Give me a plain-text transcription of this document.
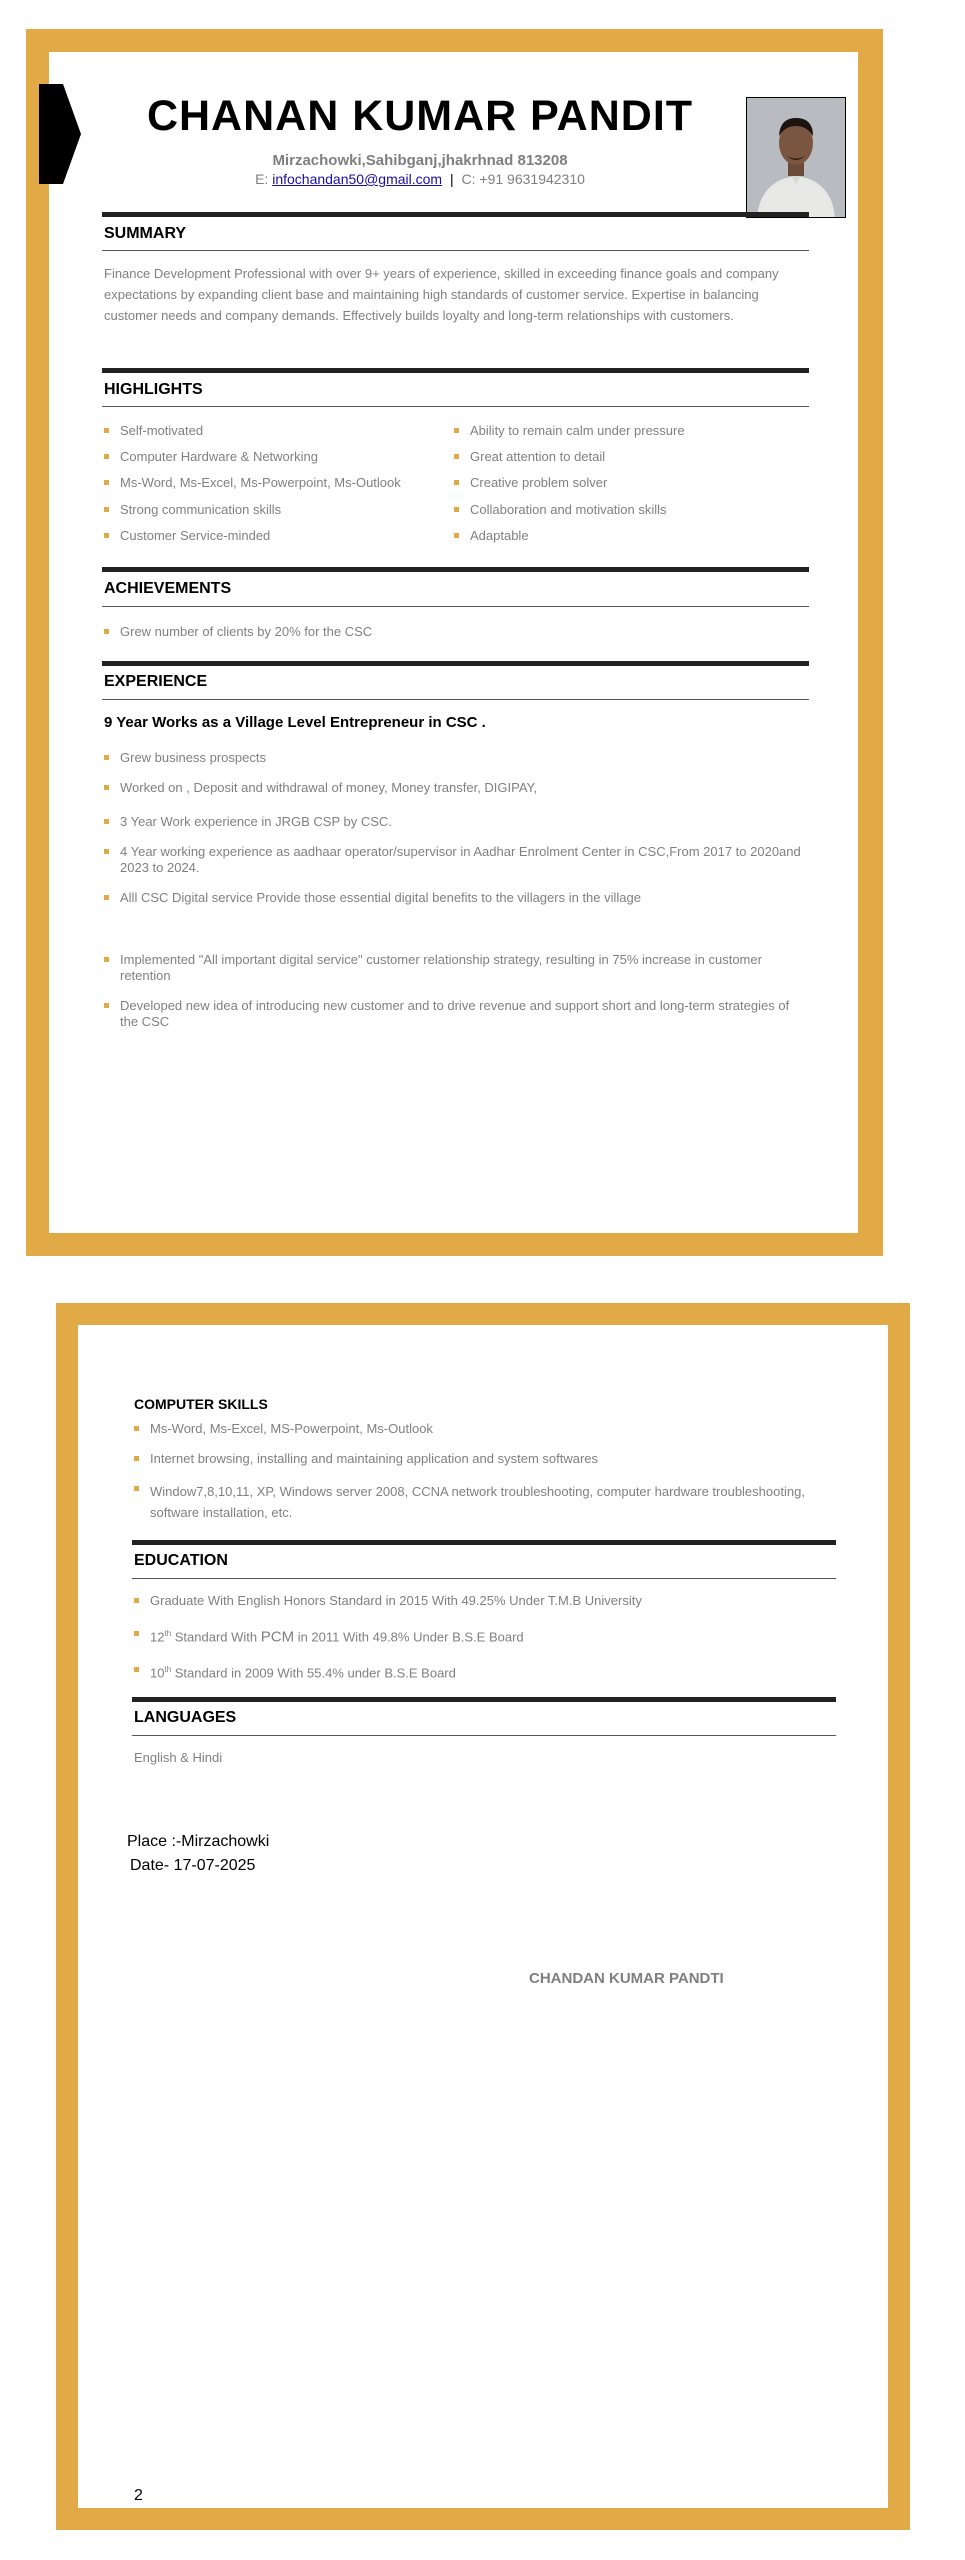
CHANAN KUMAR PANDIT
Mirzachowki,Sahibganj,jhakrhnad 813208
E: infochandan50@gmail.com | C: +91 9631942310
SUMMARY
Finance Development Professional with over 9+ years of experience, skilled in exceeding finance goals and company expectations by expanding client base and maintaining high standards of customer service. Expertise in balancing customer needs and company demands. Effectively builds loyalty and long-term relationships with customers.
HIGHLIGHTS
Self-motivated
Computer Hardware & Networking
Ms-Word, Ms-Excel, Ms-Powerpoint, Ms-Outlook
Strong communication skills
Customer Service-minded
Ability to remain calm under pressure
Great attention to detail
Creative problem solver
Collaboration and motivation skills
Adaptable
ACHIEVEMENTS
Grew number of clients by 20% for the CSC
EXPERIENCE
9 Year Works as a Village Level Entrepreneur in CSC .
Grew business prospects
Worked on , Deposit and withdrawal of money, Money transfer, DIGIPAY,
3 Year Work experience in JRGB CSP by CSC.
4 Year working experience as aadhaar operator/supervisor in Aadhar Enrolment Center in CSC,From 2017 to 2020and 2023 to 2024.
Alll CSC Digital service Provide those essential digital benefits to the villagers in the village
Implemented "All important digital service" customer relationship strategy, resulting in 75% increase in customer retention
Developed new idea of introducing new customer and to drive revenue and support short and long-term strategies of the CSC
COMPUTER SKILLS
Ms-Word, Ms-Excel, MS-Powerpoint, Ms-Outlook
Internet browsing, installing and maintaining application and system softwares
Window7,8,10,11, XP, Windows server 2008, CCNA network troubleshooting, computer hardware troubleshooting, software installation, etc.
EDUCATION
Graduate With English Honors Standard in 2015 With 49.25% Under T.M.B University
12th Standard With PCM in 2011 With 49.8% Under B.S.E Board
10th Standard in 2009 With 55.4% under B.S.E Board
LANGUAGES
English & Hindi
Place :-Mirzachowki
Date- 17-07-2025
CHANDAN KUMAR PANDTI
2
